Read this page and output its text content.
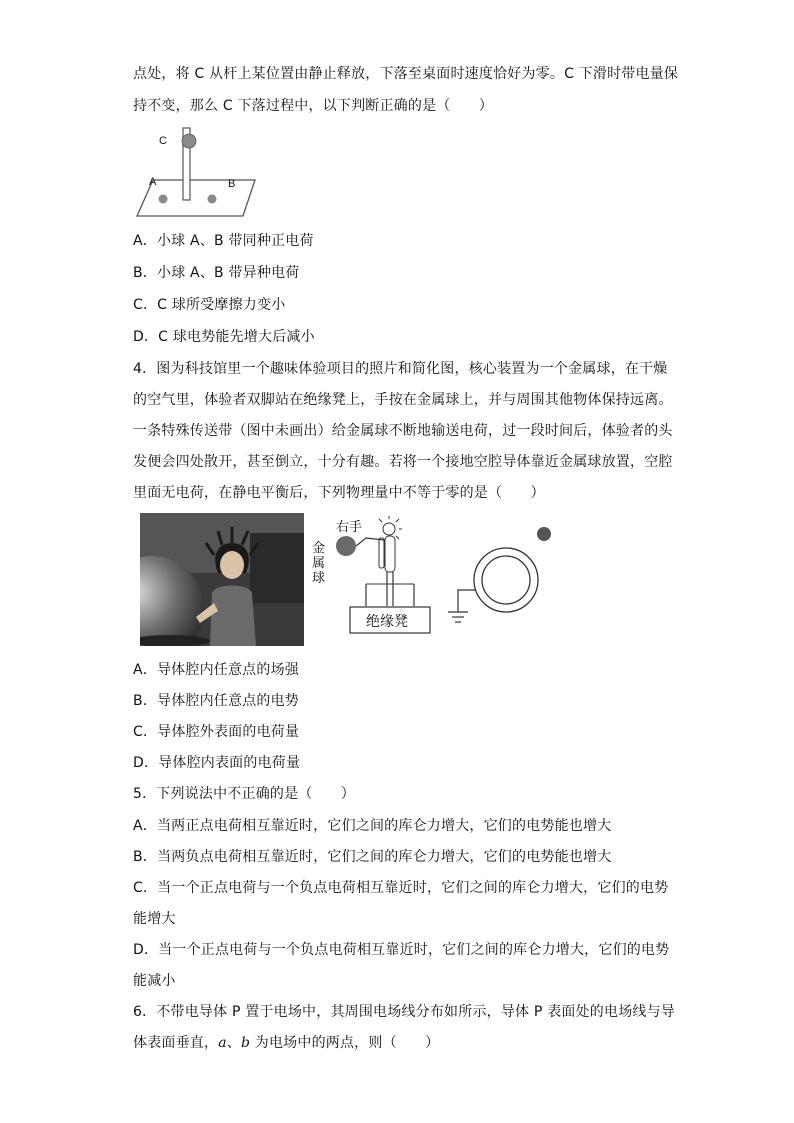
点处，将 C 从杆上某位置由静止释放，下落至桌面时速度恰好为零。C 下滑时带电量保
持不变，那么 C 下落过程中，以下判断正确的是（　　）
C
A	B
A．小球 A、B 带同种正电荷
B．小球 A、B 带异种电荷
C．C 球所受摩擦力变小
D．C 球电势能先增大后减小
4．图为科技馆里一个趣味体验项目的照片和简化图，核心装置为一个金属球，在干燥
的空气里，体验者双脚站在绝缘凳上，手按在金属球上，并与周围其他物体保持远离。
一条特殊传送带（图中未画出）给金属球不断地输送电荷，过一段时间后，体验者的头
发便会四处散开，甚至倒立，十分有趣。若将一个接地空腔导体靠近金属球放置，空腔
里面无电荷，在静电平衡后，下列物理量中不等于零的是（　　）
右手
金属球
绝缘凳
A．导体腔内任意点的场强
B．导体腔内任意点的电势
C．导体腔外表面的电荷量
D．导体腔内表面的电荷量
5．下列说法中不正确的是（　　）
A．当两正点电荷相互靠近时，它们之间的库仑力增大，它们的电势能也增大
B．当两负点电荷相互靠近时，它们之间的库仑力增大，它们的电势能也增大
C．当一个正点电荷与一个负点电荷相互靠近时，它们之间的库仑力增大，它们的电势
能增大
D．当一个正点电荷与一个负点电荷相互靠近时，它们之间的库仑力增大，它们的电势
能减小
6．不带电导体 P 置于电场中，其周围电场线分布如所示，导体 P 表面处的电场线与导
体表面垂直，a、b 为电场中的两点，则（　　）
